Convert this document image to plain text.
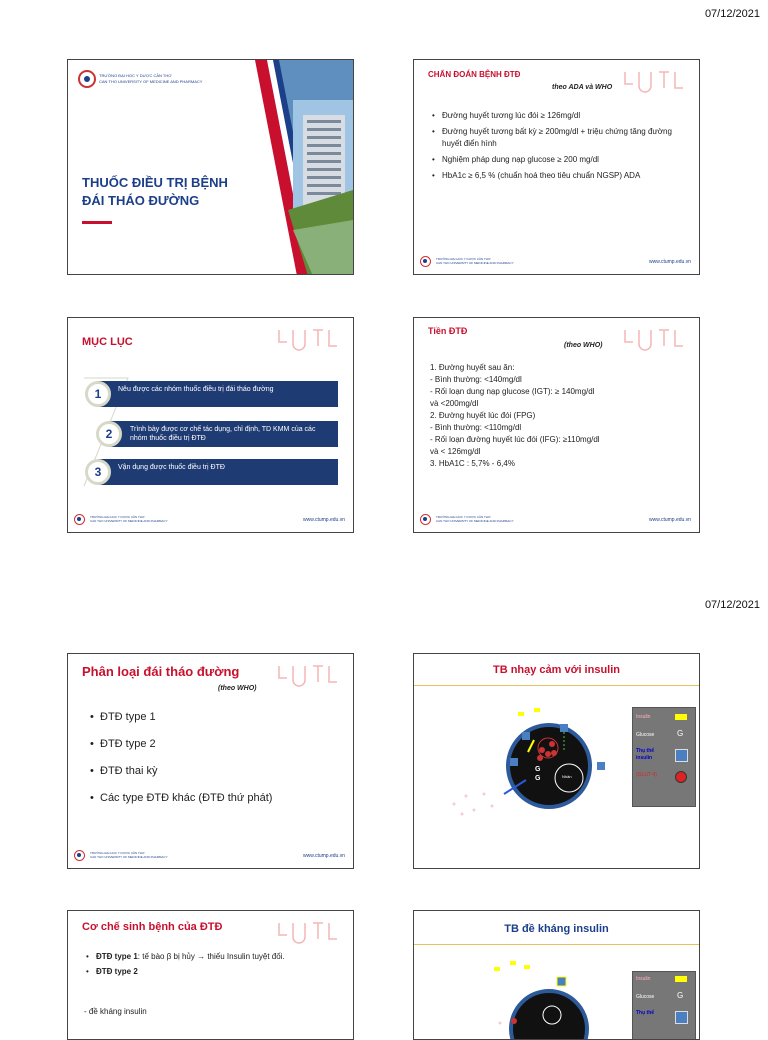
07/12/2021
TRƯỜNG ĐẠI HỌC Y DƯỢC CẦN THƠ
CAN THO UNIVERSITY OF MEDICINE AND PHARMACY
THUỐC ĐIỀU TRỊ BỆNH ĐÁI THÁO ĐƯỜNG
CHẨN ĐOÁN BỆNH ĐTĐ
theo ADA và WHO
• Đường huyết tương lúc đói ≥ 126mg/dl
• Đường huyết tương bất kỳ ≥ 200mg/dl + triệu chứng tăng đường huyết điển hình
• Nghiệm pháp dung nạp glucose ≥ 200 mg/dl
• HbA1c ≥ 6,5 % (chuẩn hoá theo tiêu chuẩn NGSP) ADA
TRƯỜNG ĐẠI HỌC Y DƯỢC CẦN THƠ
CAN THO UNIVERSITY OF MEDICINE AND PHARMACY	www.ctump.edu.vn
MỤC LỤC
Nêu được các nhóm thuốc điều trị đái tháo đường
1
Trình bày được cơ chế tác dụng, chỉ định, TD KMM của các nhóm thuốc điều trị ĐTĐ
2
Vận dụng được thuốc điều trị ĐTĐ
3
TRƯỜNG ĐẠI HỌC Y DƯỢC CẦN THƠ
CAN THO UNIVERSITY OF MEDICINE AND PHARMACY	www.ctump.edu.vn
Tiền ĐTĐ
(theo WHO)
1. Đường huyết sau ăn:
- Bình thường: <140mg/dl
- Rối loạn dung nạp glucose (IGT): ≥ 140mg/dl
và <200mg/dl
2. Đường huyết lúc đói (FPG)
- Bình thường: <110mg/dl
- Rối loạn đường huyết lúc đói (IFG): ≥110mg/dl
và < 126mg/dl
3. HbA1C : 5,7% - 6,4%
TRƯỜNG ĐẠI HỌC Y DƯỢC CẦN THƠ
CAN THO UNIVERSITY OF MEDICINE AND PHARMACY	www.ctump.edu.vn
07/12/2021
Phân loại đái tháo đường
(theo WHO)
• ĐTĐ type 1
• ĐTĐ type 2
• ĐTĐ thai kỳ
• Các type ĐTĐ khác (ĐTĐ thứ phát)
TRƯỜNG ĐẠI HỌC Y DƯỢC CẦN THƠ
CAN THO UNIVERSITY OF MEDICINE AND PHARMACY	www.ctump.edu.vn
TB nhạy cảm với insulin
G
G	Nhân
Insulin
Glucose	G
Thụ thể insulin
(GLUT 4)
Cơ chế sinh bệnh của ĐTĐ
• ĐTĐ type 1: tế bào β bị hủy → thiếu Insulin tuyệt đối.
• ĐTĐ type 2
- đề kháng insulin
TB đề kháng insulin
Insulin
Glucose	G
Thụ thể
